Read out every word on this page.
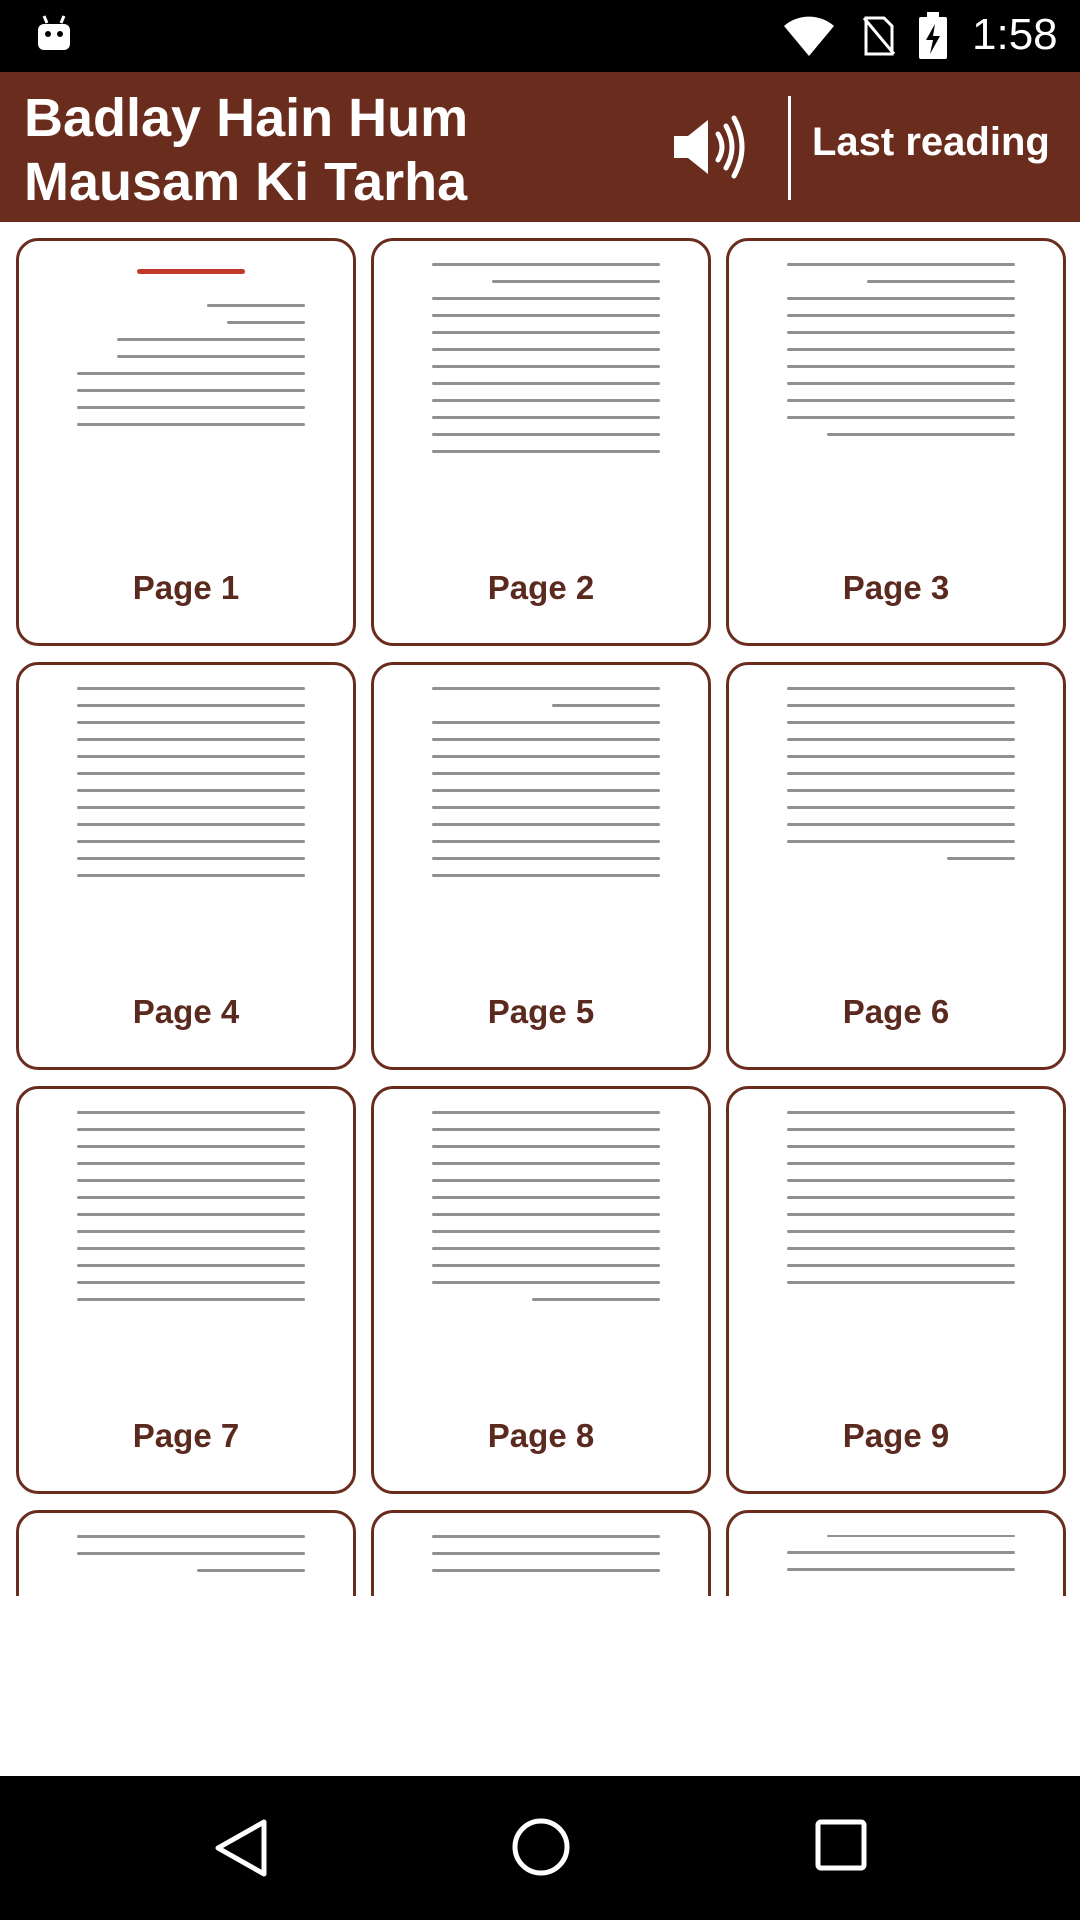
1:58
Badlay Hain Hum Mausam Ki Tarha
Last reading
Page 1	Page 2	Page 3
Page 4	Page 5	Page 6
Page 7	Page 8	Page 9
